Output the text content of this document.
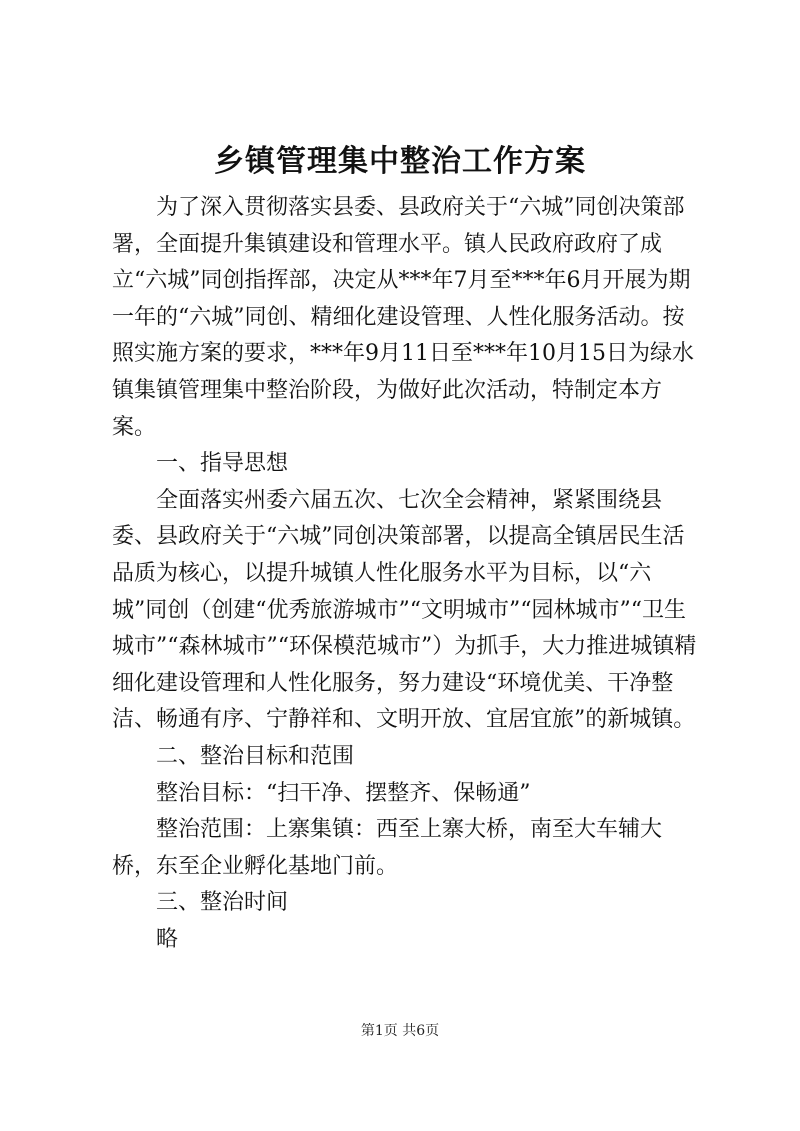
乡镇管理集中整治工作方案

为了深入贯彻落实县委、县政府关于“六城”同创决策部署，全面提升集镇建设和管理水平。镇人民政府政府了成立“六城”同创指挥部，决定从***年7月至***年6月开展为期一年的“六城”同创、精细化建设管理、人性化服务活动。按照实施方案的要求，***年9月11日至***年10月15日为绿水镇集镇管理集中整治阶段，为做好此次活动，特制定本方案。

一、指导思想

全面落实州委六届五次、七次全会精神，紧紧围绕县委、县政府关于“六城”同创决策部署，以提高全镇居民生活品质为核心，以提升城镇人性化服务水平为目标，以“六城”同创（创建“优秀旅游城市”“文明城市”“园林城市”“卫生城市”“森林城市”“环保模范城市”）为抓手，大力推进城镇精细化建设管理和人性化服务，努力建设“环境优美、干净整洁、畅通有序、宁静祥和、文明开放、宜居宜旅”的新城镇。

二、整治目标和范围

整治目标：“扫干净、摆整齐、保畅通”

整治范围：上寨集镇：西至上寨大桥，南至大车辅大桥，东至企业孵化基地门前。

三、整治时间

略

第1页 共6页
